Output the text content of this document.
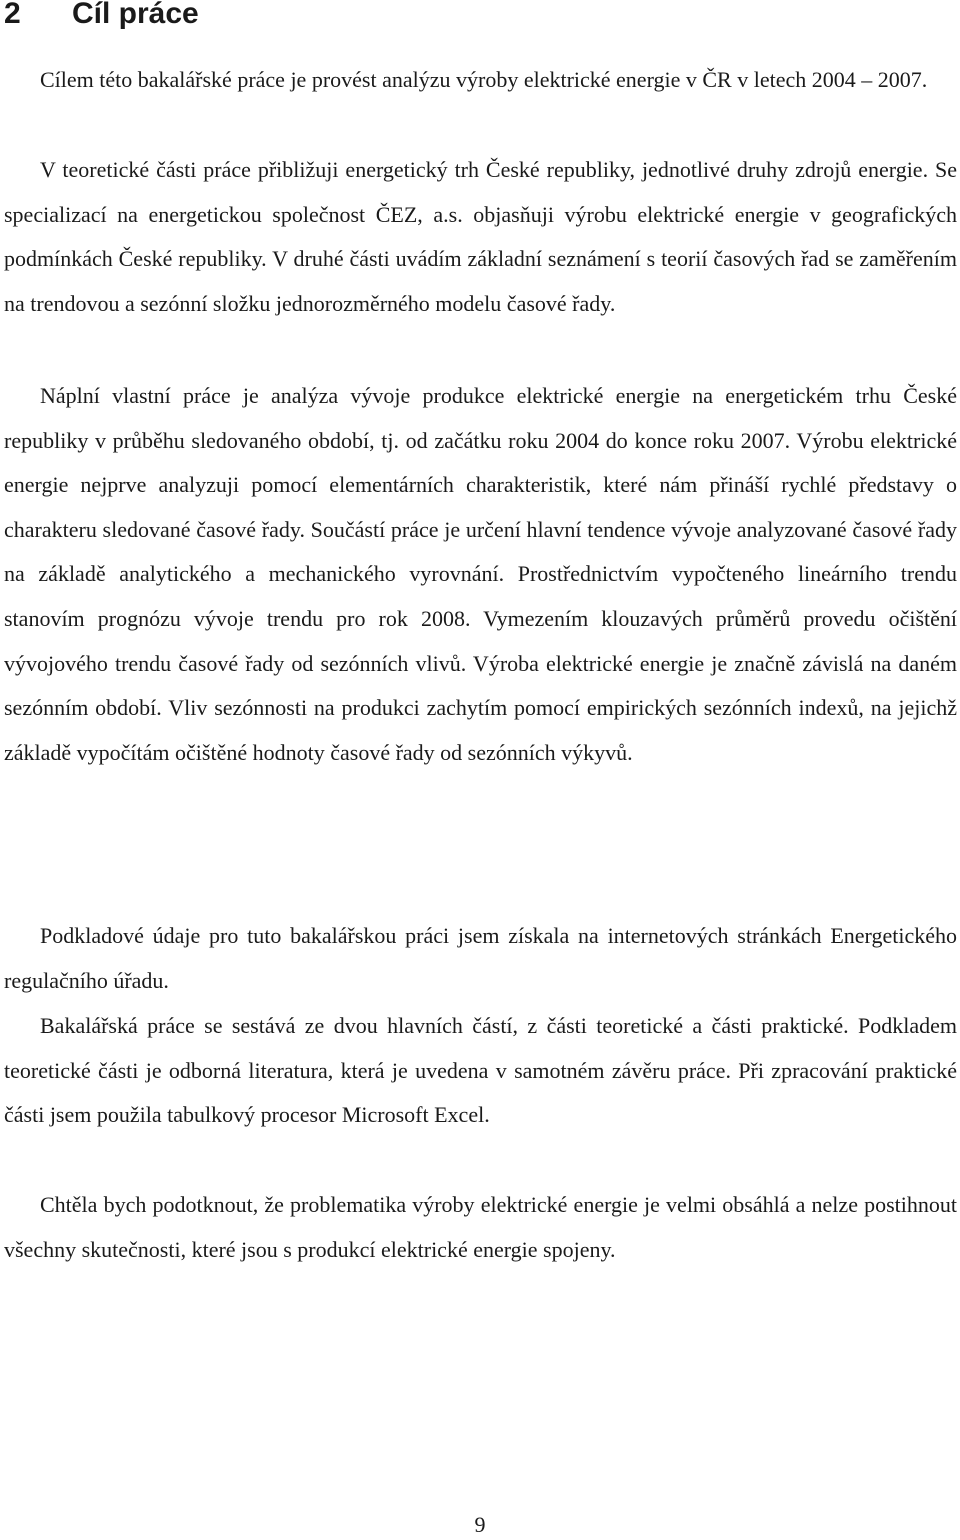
2 Cíl práce

Cílem této bakalářské práce je provést analýzu výroby elektrické energie v ČR v letech 2004 – 2007.

V teoretické části práce přibližuji energetický trh České republiky, jednotlivé druhy zdrojů energie. Se specializací na energetickou společnost ČEZ, a.s. objasňuji výrobu elektrické energie v geografických podmínkách České republiky. V druhé části uvádím základní seznámení s teorií časových řad se zaměřením na trendovou a sezónní složku jednorozměrného modelu časové řady.

Náplní vlastní práce je analýza vývoje produkce elektrické energie na energetickém trhu České republiky v průběhu sledovaného období, tj. od začátku roku 2004 do konce roku 2007. Výrobu elektrické energie nejprve analyzuji pomocí elementárních charakteristik, které nám přináší rychlé představy o charakteru sledované časové řady. Součástí práce je určení hlavní tendence vývoje analyzované časové řady na základě analytického a mechanického vyrovnání. Prostřednictvím vypočteného lineárního trendu stanovím prognózu vývoje trendu pro rok 2008. Vymezením klouzavých průměrů provedu očištění vývojového trendu časové řady od sezónních vlivů. Výroba elektrické energie je značně závislá na daném sezónním období. Vliv sezónnosti na produkci zachytím pomocí empirických sezónních indexů, na jejichž základě vypočítám očištěné hodnoty časové řady od sezónních výkyvů.

Podkladové údaje pro tuto bakalářskou práci jsem získala na internetových stránkách Energetického regulačního úřadu.

Bakalářská práce se sestává ze dvou hlavních částí, z části teoretické a části praktické. Podkladem teoretické části je odborná literatura, která je uvedena v samotném závěru práce. Při zpracování praktické části jsem použila tabulkový procesor Microsoft Excel.

Chtěla bych podotknout, že problematika výroby elektrické energie je velmi obsáhlá a nelze postihnout všechny skutečnosti, které jsou s produkcí elektrické energie spojeny.

9
